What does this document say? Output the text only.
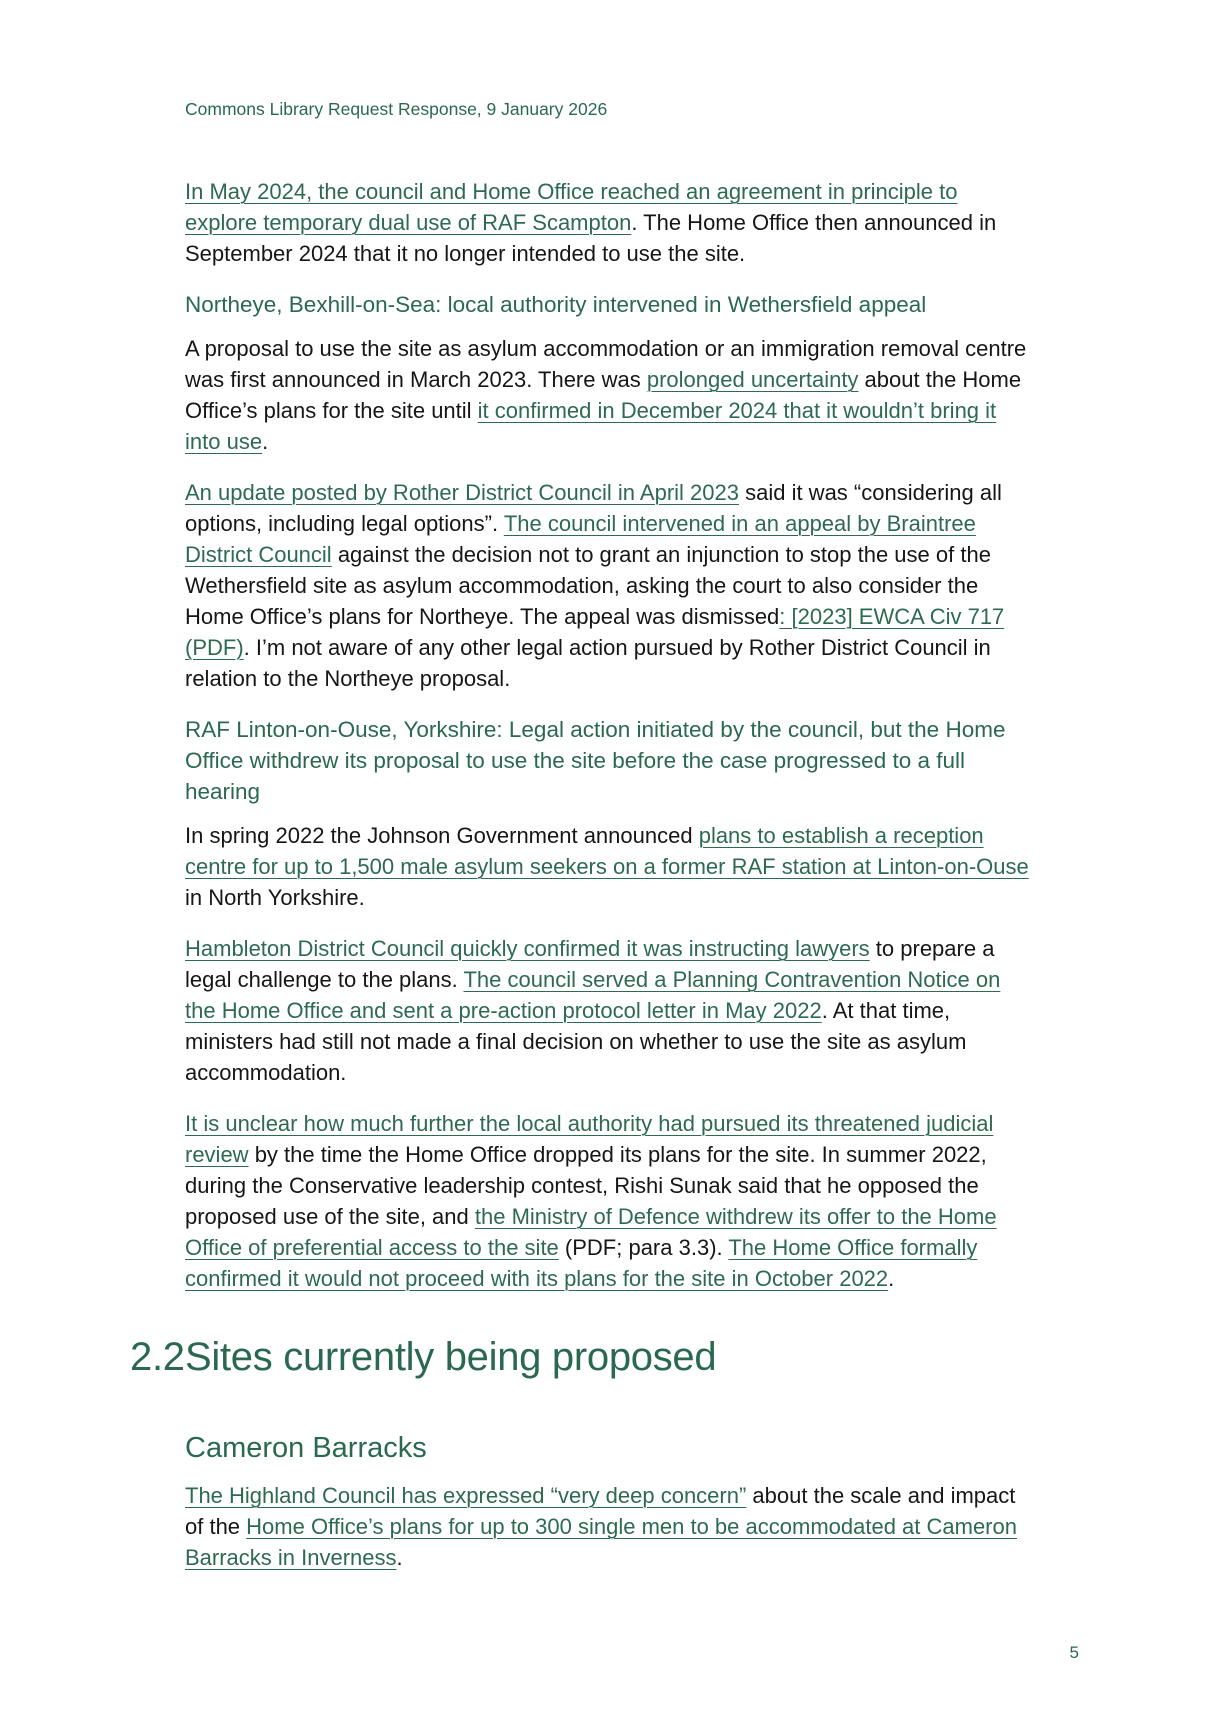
Commons Library Request Response, 9 January 2026

In May 2024, the council and Home Office reached an agreement in principle to explore temporary dual use of RAF Scampton. The Home Office then announced in September 2024 that it no longer intended to use the site.

Northeye, Bexhill-on-Sea: local authority intervened in Wethersfield appeal

A proposal to use the site as asylum accommodation or an immigration removal centre was first announced in March 2023. There was prolonged uncertainty about the Home Office’s plans for the site until it confirmed in December 2024 that it wouldn’t bring it into use.

An update posted by Rother District Council in April 2023 said it was “considering all options, including legal options”. The council intervened in an appeal by Braintree District Council against the decision not to grant an injunction to stop the use of the Wethersfield site as asylum accommodation, asking the court to also consider the Home Office’s plans for Northeye. The appeal was dismissed: [2023] EWCA Civ 717 (PDF). I’m not aware of any other legal action pursued by Rother District Council in relation to the Northeye proposal.

RAF Linton-on-Ouse, Yorkshire: Legal action initiated by the council, but the Home Office withdrew its proposal to use the site before the case progressed to a full hearing

In spring 2022 the Johnson Government announced plans to establish a reception centre for up to 1,500 male asylum seekers on a former RAF station at Linton-on-Ouse in North Yorkshire.

Hambleton District Council quickly confirmed it was instructing lawyers to prepare a legal challenge to the plans. The council served a Planning Contravention Notice on the Home Office and sent a pre-action protocol letter in May 2022. At that time, ministers had still not made a final decision on whether to use the site as asylum accommodation.

It is unclear how much further the local authority had pursued its threatened judicial review by the time the Home Office dropped its plans for the site. In summer 2022, during the Conservative leadership contest, Rishi Sunak said that he opposed the proposed use of the site, and the Ministry of Defence withdrew its offer to the Home Office of preferential access to the site (PDF; para 3.3). The Home Office formally confirmed it would not proceed with its plans for the site in October 2022.

2.2 Sites currently being proposed
Cameron Barracks

The Highland Council has expressed “very deep concern” about the scale and impact of the Home Office’s plans for up to 300 single men to be accommodated at Cameron Barracks in Inverness.

5
